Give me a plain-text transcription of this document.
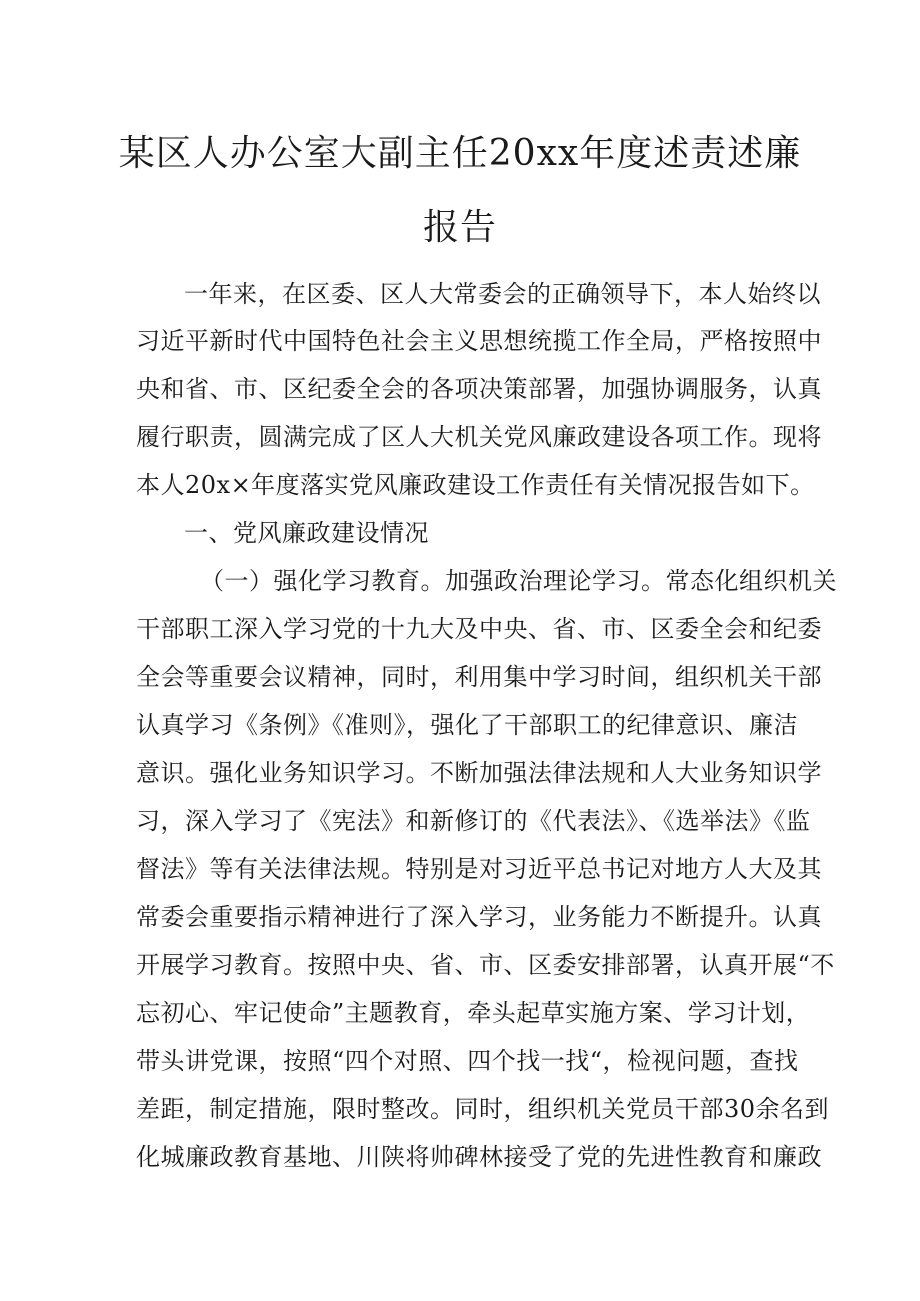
某区人办公室大副主任20xx年度述责述廉
报告
一年来，在区委、区人大常委会的正确领导下，本人始终以
习近平新时代中国特色社会主义思想统揽工作全局，严格按照中
央和省、市、区纪委全会的各项决策部署，加强协调服务，认真
履行职责，圆满完成了区人大机关党风廉政建设各项工作。现将
本人20x×年度落实党风廉政建设工作责任有关情况报告如下。
一、党风廉政建设情况
（一）强化学习教育。加强政治理论学习。常态化组织机关
干部职工深入学习党的十九大及中央、省、市、区委全会和纪委
全会等重要会议精神，同时，利用集中学习时间，组织机关干部
认真学习《条例》《准则》，强化了干部职工的纪律意识、廉洁
意识。强化业务知识学习。不断加强法律法规和人大业务知识学
习，深入学习了《宪法》和新修订的《代表法》、《选举法》《监
督法》等有关法律法规。特别是对习近平总书记对地方人大及其
常委会重要指示精神进行了深入学习，业务能力不断提升。认真
开展学习教育。按照中央、省、市、区委安排部署，认真开展“不
忘初心、牢记使命”主题教育，牵头起草实施方案、学习计划，
带头讲党课，按照“四个对照、四个找一找“，检视问题，查找
差距，制定措施，限时整改。同时，组织机关党员干部30余名到
化城廉政教育基地、川陕将帅碑林接受了党的先进性教育和廉政
